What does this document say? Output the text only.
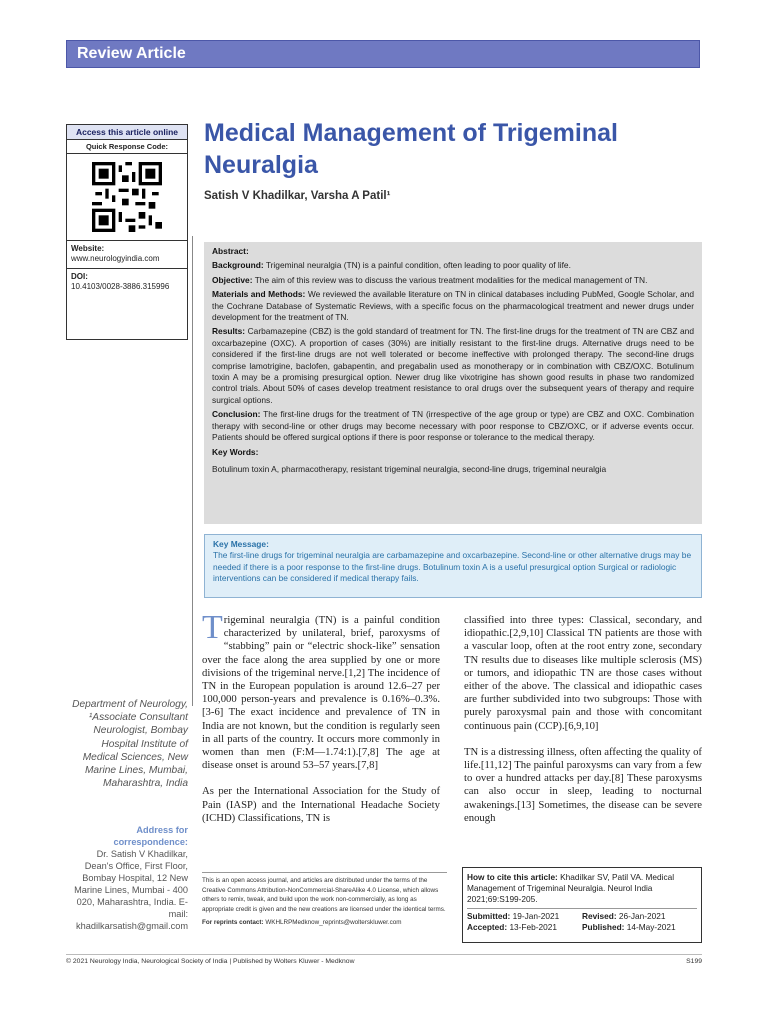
Review Article
Access this article online
Quick Response Code:
Website:
www.neurologyindia.com
DOI:
10.4103/0028-3886.315996
Medical Management of Trigeminal Neuralgia
Satish V Khadilkar, Varsha A Patil¹

Abstract:

Background: Trigeminal neuralgia (TN) is a painful condition, often leading to poor quality of life.

Objective: The aim of this review was to discuss the various treatment modalities for the medical management of TN.

Materials and Methods: We reviewed the available literature on TN in clinical databases including PubMed, Google Scholar, and the Cochrane Database of Systematic Reviews, with a specific focus on the pharmacological treatment and newer drugs under development for the treatment of TN.

Results: Carbamazepine (CBZ) is the gold standard of treatment for TN. The first-line drugs for the treatment of TN are CBZ and oxcarbazepine (OXC). A proportion of cases (30%) are initially resistant to the first-line drugs. Alternative drugs need to be considered if the first-line drugs are not well tolerated or become ineffective with prolonged therapy. The second-line drugs comprise lamotrigine, baclofen, gabapentin, and pregabalin used as monotherapy or in combination with CBZ/OXC. Botulinum toxin A may be a promising presurgical option. Newer drug like vixotrigine has shown good results in phase two randomized control trials. About 50% of cases develop treatment resistance to oral drugs over the subsequent years of therapy and require surgical options.

Conclusion: The first-line drugs for the treatment of TN (irrespective of the age group or type) are CBZ and OXC. Combination therapy with second-line or other drugs may become necessary with poor response to CBZ/OXC, or if adverse events occur. Patients should be offered surgical options if there is poor response or tolerance to the medical therapy.

Key Words:

Botulinum toxin A, pharmacotherapy, resistant trigeminal neuralgia, second-line drugs, trigeminal neuralgia

Key Message:
The first-line drugs for trigeminal neuralgia are carbamazepine and oxcarbazepine. Second-line or other alternative drugs may be needed if there is a poor response to the first-line drugs. Botulinum toxin A is a useful presurgical option Surgical or radiologic interventions can be considered if medical therapy fails.

Trigeminal neuralgia (TN) is a painful condition characterized by unilateral, brief, paroxysms of “stabbing” pain or “electric shock-like” sensation over the face along the area supplied by one or more divisions of the trigeminal nerve.[1,2] The incidence of TN in the European population is around 12.6–27 per 100,000 person-years and prevalence is 0.16%–0.3%.[3-6] The exact incidence and prevalence of TN in India are not known, but the condition is regularly seen in all parts of the country. It occurs more commonly in women than men (F:M—1.74:1).[7,8] The age at disease onset is around 53–57 years.[7,8]

As per the International Association for the Study of Pain (IASP) and the International Headache Society (ICHD) Classifications, TN is

classified into three types: Classical, secondary, and idiopathic.[2,9,10] Classical TN patients are those with a vascular loop, often at the root entry zone, secondary TN results due to diseases like multiple sclerosis (MS) or tumors, and idiopathic TN are those cases without either of the above. The classical and idiopathic cases are further subdivided into two subgroups: Those with purely paroxysmal pain and those with concomitant continuous pain (CCP).[6,9,10]

TN is a distressing illness, often affecting the quality of life.[11,12] The painful paroxysms can vary from a few to over a hundred attacks per day.[8] These paroxysms can also occur in sleep, leading to nocturnal awakenings.[13] Sometimes, the disease can be severe enough

Department of Neurology, ¹Associate Consultant Neurologist, Bombay Hospital Institute of Medical Sciences, New Marine Lines, Mumbai, Maharashtra, India
Address for correspondence:
Dr. Satish V Khadilkar, Dean's Office, First Floor, Bombay Hospital, 12 New Marine Lines, Mumbai - 400 020, Maharashtra, India. E-mail: khadilkarsatish@gmail.com

This is an open access journal, and articles are distributed under the terms of the Creative Commons Attribution-NonCommercial-ShareAlike 4.0 License, which allows others to remix, tweak, and build upon the work non-commercially, as long as appropriate credit is given and the new creations are licensed under the identical terms.

For reprints contact: WKHLRPMedknow_reprints@wolterskluwer.com

How to cite this article: Khadilkar SV, Patil VA. Medical Management of Trigeminal Neuralgia. Neurol India 2021;69:S199-205.
Submitted: 19-Jan-2021	Revised: 26-Jan-2021
Accepted: 13-Feb-2021	Published: 14-May-2021
© 2021 Neurology India, Neurological Society of India | Published by Wolters Kluwer - Medknow	S199
